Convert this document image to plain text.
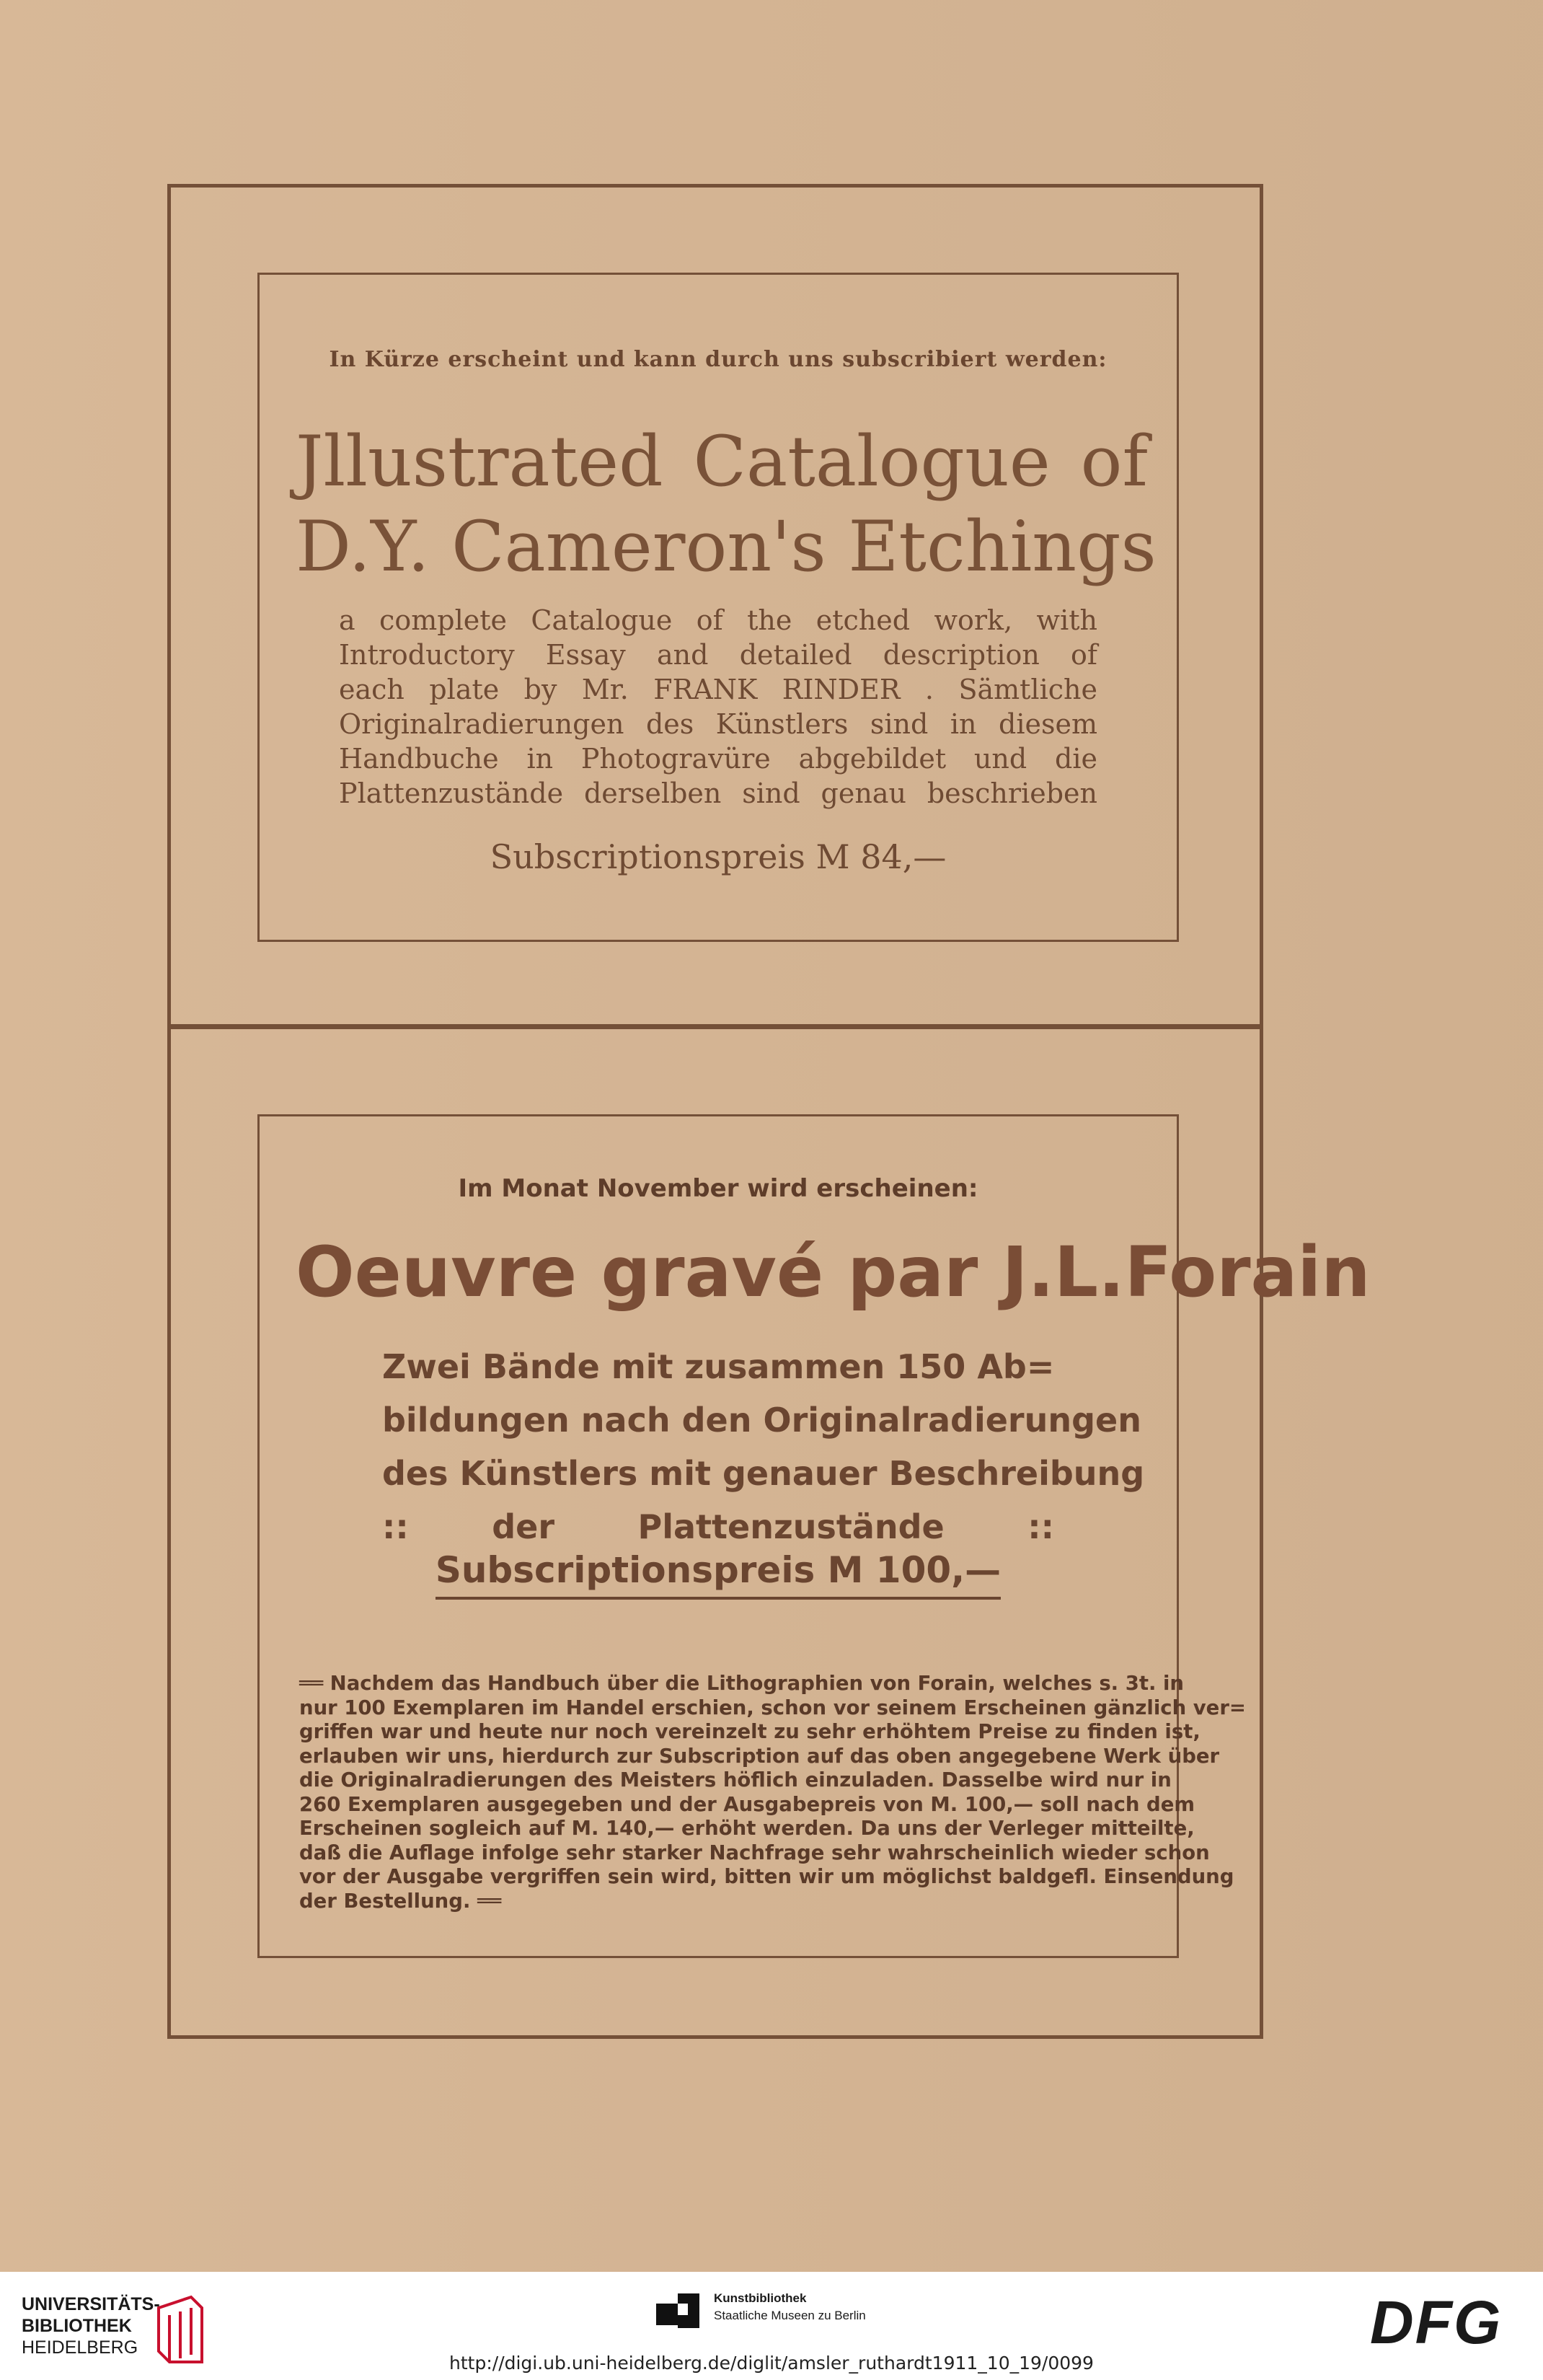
In Kürze erscheint und kann durch uns subscribiert werden:
Jllustrated Catalogue of
D.Y. Cameron's Etchings
a complete Catalogue of the etched work, with
Introductory Essay and detailed description of
each plate by Mr. FRANK RINDER . Sämtliche
Originalradierungen des Künstlers sind in diesem
Handbuche in Photogravüre abgebildet und die
Plattenzustände derselben sind genau beschrieben
Subscriptionspreis M 84,—
Im Monat November wird erscheinen:
Oeuvre gravé par J.L.Forain
Zwei Bände mit zusammen 150 Ab=
bildungen nach den Originalradierungen
des Künstlers mit genauer Beschreibung
:: der Plattenzustände ::
Subscriptionspreis M 100,—
══ Nachdem das Handbuch über die Lithographien von Forain, welches s. 3t. in
nur 100 Exemplaren im Handel erschien, schon vor seinem Erscheinen gänzlich ver=
griffen war und heute nur noch vereinzelt zu sehr erhöhtem Preise zu finden ist,
erlauben wir uns, hierdurch zur Subscription auf das oben angegebene Werk über
die Originalradierungen des Meisters höflich einzuladen. Dasselbe wird nur in
260 Exemplaren ausgegeben und der Ausgabepreis von M. 100,— soll nach dem
Erscheinen sogleich auf M. 140,— erhöht werden. Da uns der Verleger mitteilte,
daß die Auflage infolge sehr starker Nachfrage sehr wahrscheinlich wieder schon
vor der Ausgabe vergriffen sein wird, bitten wir um möglichst baldgefl. Einsendung
der Bestellung. ══
UNIVERSITÄTS-
BIBLIOTHEK
HEIDELBERG
Kunstbibliothek
Staatliche Museen zu Berlin	DFG
http://digi.ub.uni-heidelberg.de/diglit/amsler_ruthardt1911_10_19/0099
